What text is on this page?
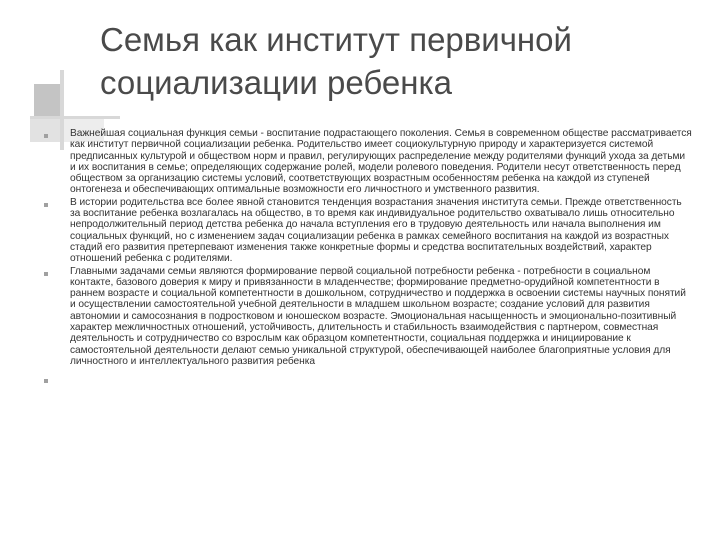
Семья как институт первичной
социализации ребенка

Важнейшая социальная функция семьи - воспитание подрастающего поколения. Семья в современном обществе рассматривается как институт первичной социализации ребенка. Родительство имеет социокультурную природу и характеризуется системой предписанных культурой и обществом норм и правил, регулирующих распределение между родителями функций ухода за детьми и их воспитания в семье; определяющих содержание ролей, модели ролевого поведения. Родители несут ответственность перед обществом за организацию системы условий, соответствующих возрастным особенностям ребенка на каждой из ступеней онтогенеза и обеспечивающих оптимальные возможности его личностного и умственного развития.

В истории родительства все более явной становится тенденция возрастания значения института семьи. Прежде ответственность за воспитание ребенка возлагалась на общество, в то время как индивидуальное родительство охватывало лишь относительно непродолжительный период детства ребенка до начала вступления его в трудовую деятельность или начала выполнения им социальных функций, но с изменением задач социализации ребенка в рамках семейного воспитания на каждой из возрастных стадий его развития претерпевают изменения также конкретные формы и средства воспитательных воздействий, характер отношений ребенка с родителями.

Главными задачами семьи являются формирование первой социальной потребности ребенка - потребности в социальном контакте, базового доверия к миру и привязанности в младенчестве; формирование предметно-орудийной компетентности в раннем возрасте и социальной компетентности в дошкольном, сотрудничество и поддержка в освоении системы научных понятий и осуществлении самостоятельной учебной деятельности в младшем школьном возрасте; создание условий для развития автономии и самосознания в подростковом и юношеском возрасте. Эмоциональная насыщенность и эмоционально-позитивный характер межличностных отношений, устойчивость, длительность и стабильность взаимодействия с партнером, совместная деятельность и сотрудничество со взрослым как образцом компетентности, социальная поддержка и инициирование к самостоятельной деятельности делают семью уникальной структурой, обеспечивающей наиболее благоприятные условия для личностного и интеллектуального развития ребенка
